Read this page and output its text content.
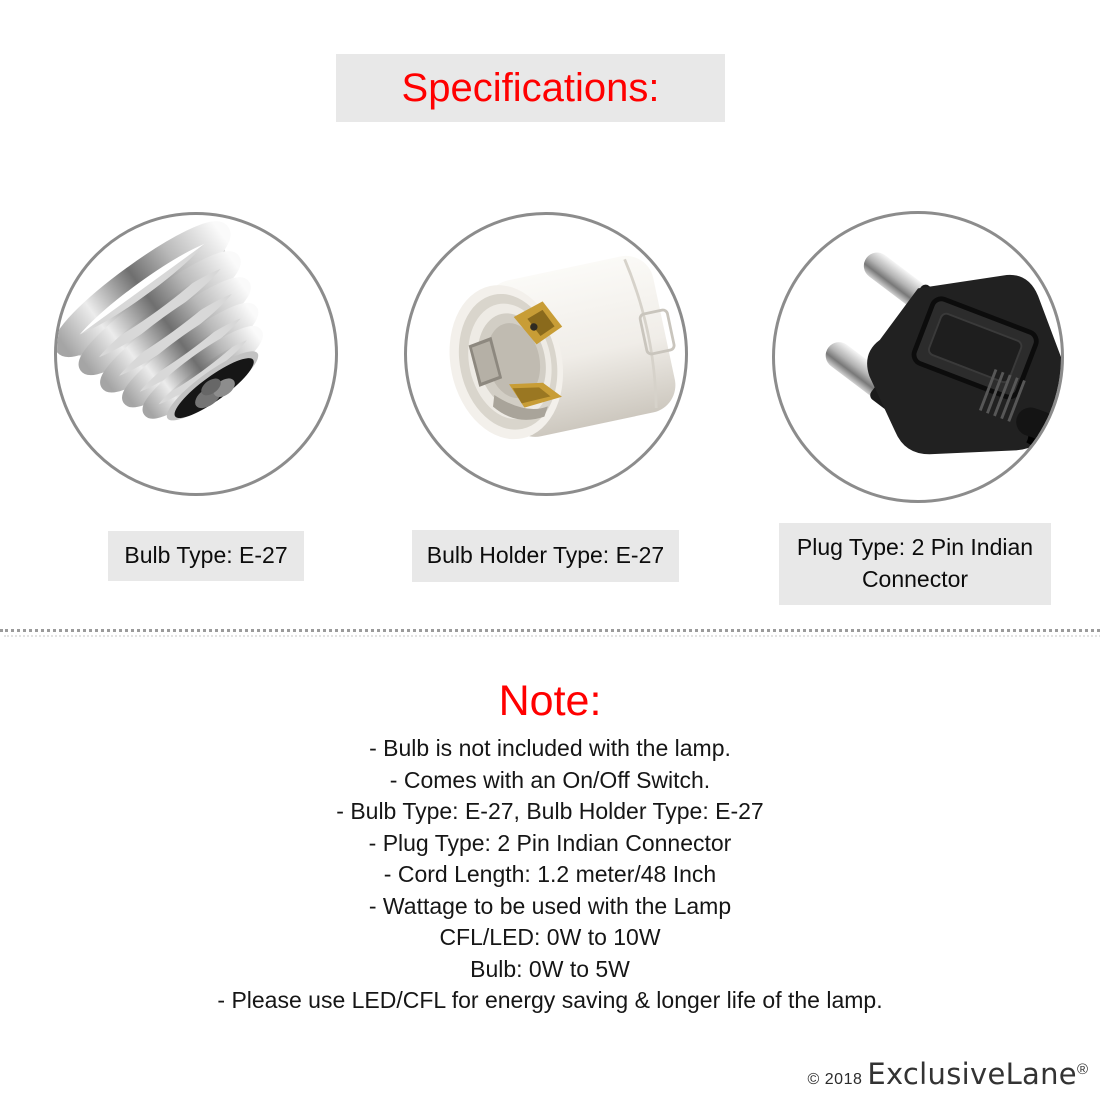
Specifications:
Bulb Type: E-27	Bulb Holder Type: E-27	Plug Type: 2 Pin Indian Connector
Note:
- Bulb is not included with the lamp.
- Comes with an On/Off Switch.
- Bulb Type: E-27, Bulb Holder Type: E-27
- Plug Type: 2 Pin Indian Connector
- Cord Length: 1.2 meter/48 Inch
- Wattage to be used with the Lamp
CFL/LED: 0W to 10W
Bulb: 0W to 5W
- Please use LED/CFL for energy saving & longer life of the lamp.
© 2018 ExclusiveLane ®
